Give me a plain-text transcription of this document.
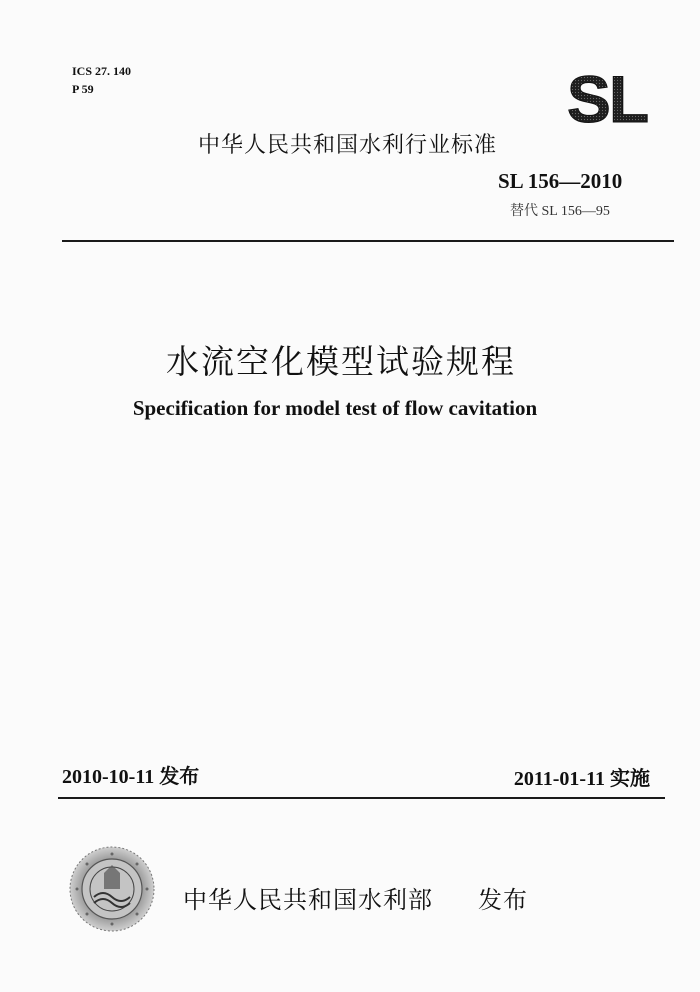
ICS 27. 140
P 59	SL
中华人民共和国水利行业标准
SL 156—2010
替代 SL 156—95
水流空化模型试验规程
Specification for model test of flow cavitation
2010-10-11 发布	2011-01-11 实施
中华人民共和国水利部 发布
